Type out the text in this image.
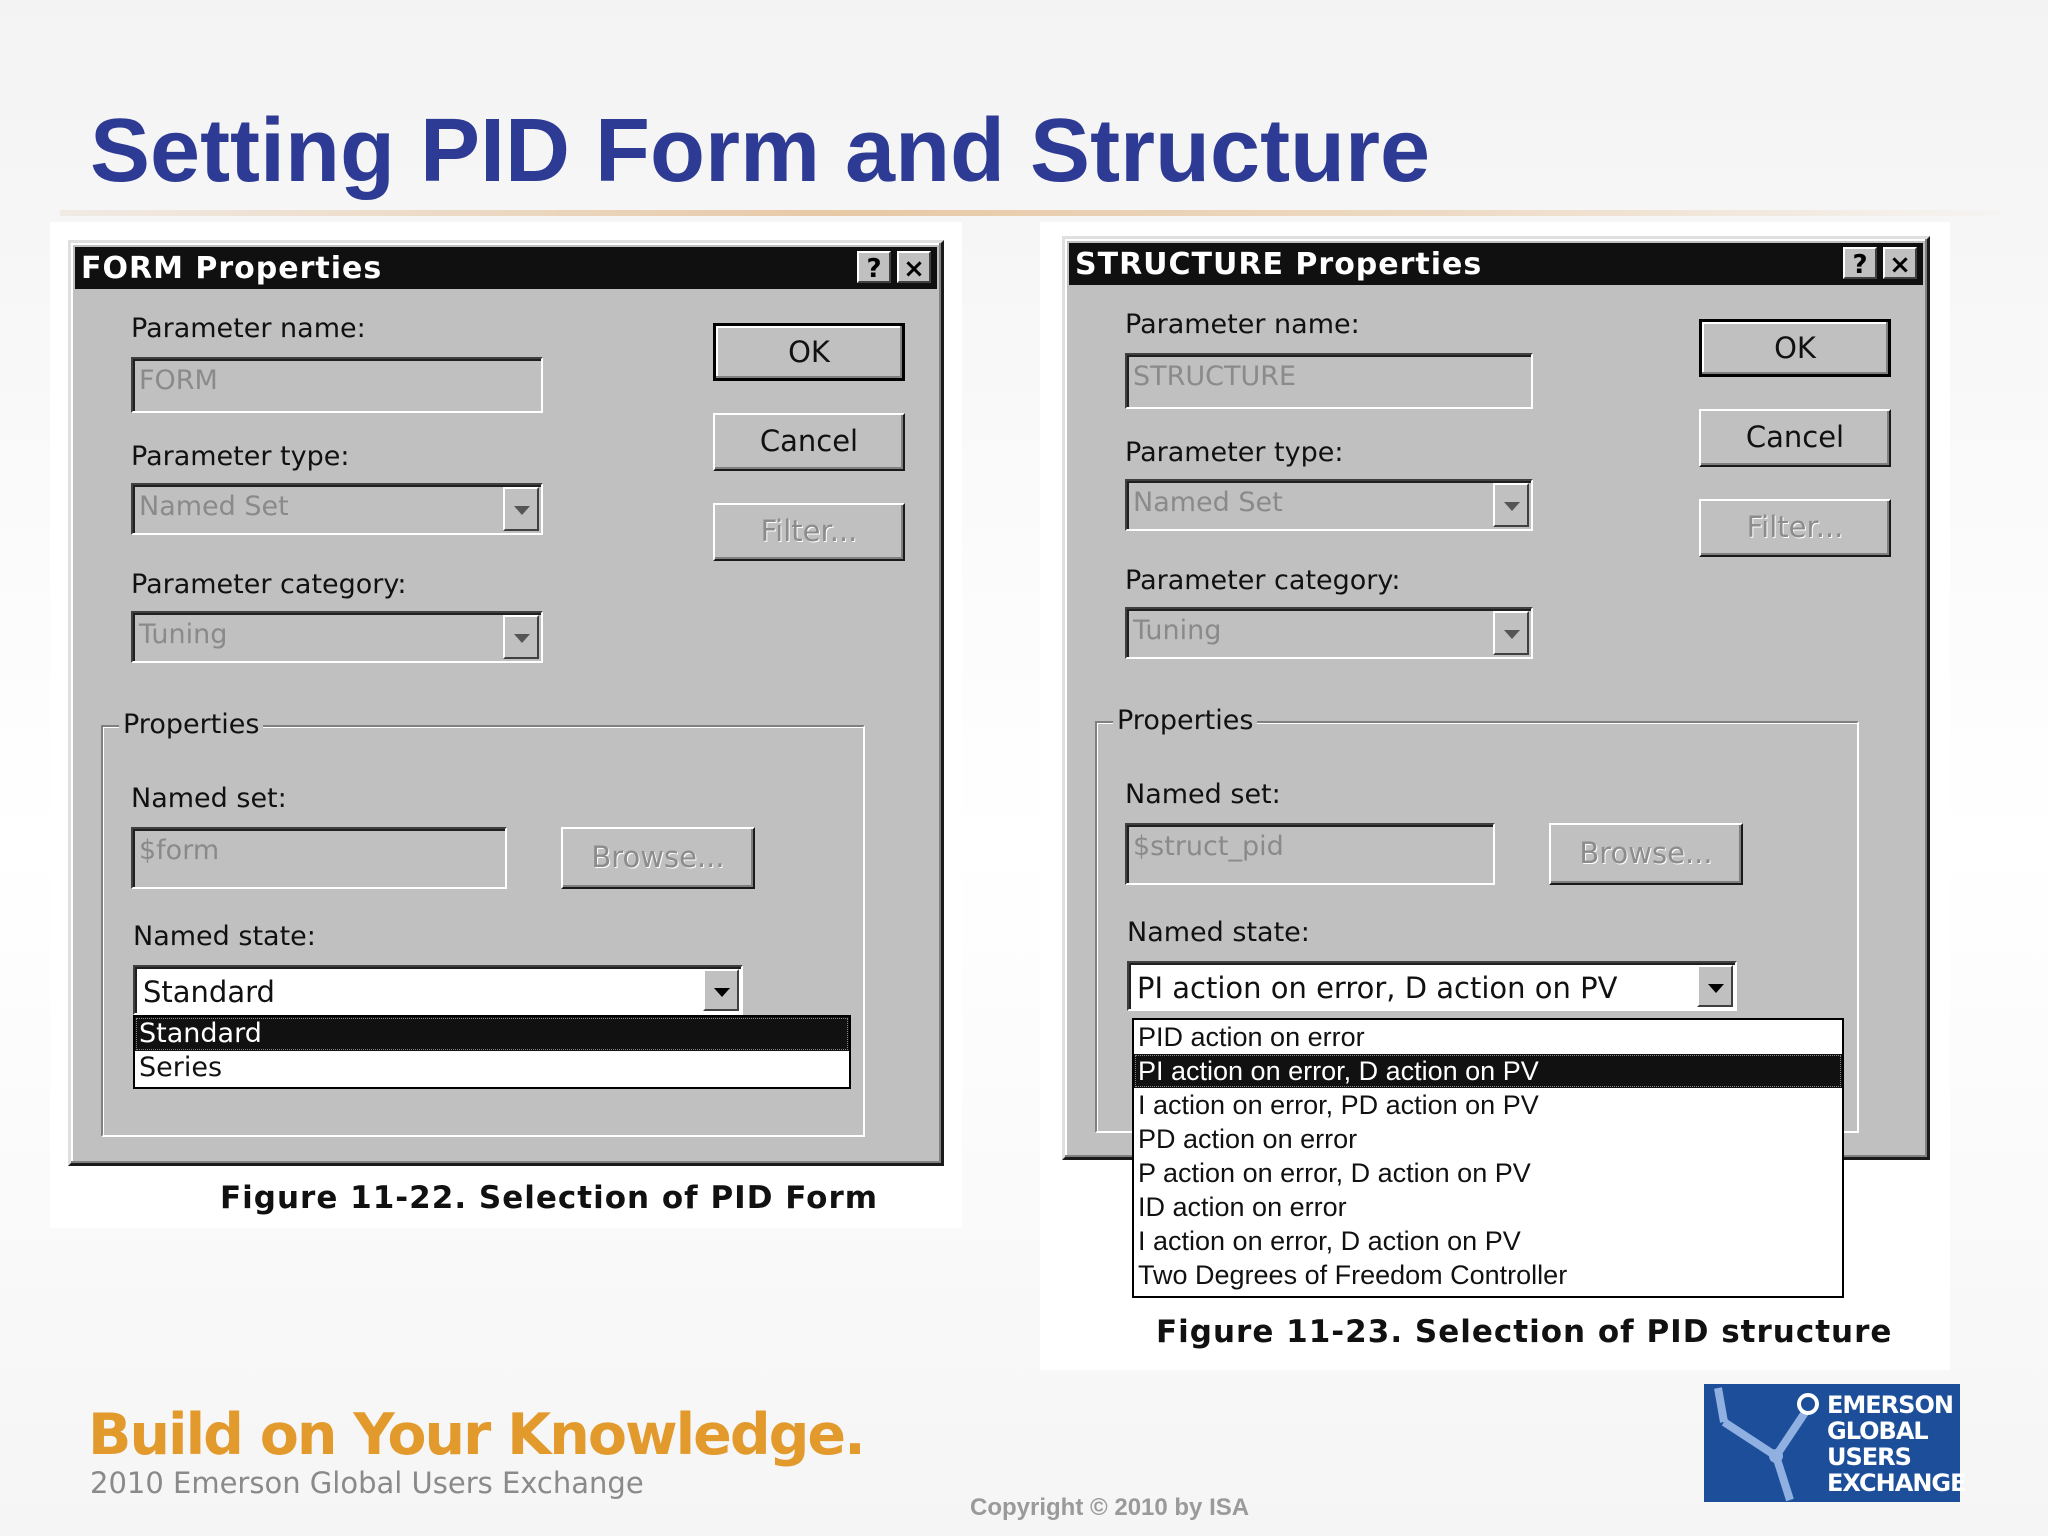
Setting PID Form and Structure
FORM Properties	? ×
Parameter name:
FORM
Parameter type:
Named Set
Parameter category:
Tuning
OK
Cancel
Filter...
Properties
Named set:
$form	Browse...
Named state:
Standard
Standard
Series
Figure 11-22. Selection of PID Form
STRUCTURE Properties	? ×
Parameter name:
STRUCTURE
Parameter type:
Named Set
Parameter category:
Tuning
OK
Cancel
Filter...
Properties
Named set:
$struct_pid	Browse...
Named state:
PI action on error, D action on PV
PID action on error
PI action on error, D action on PV
I action on error, PD action on PV
PD action on error
P action on error, D action on PV
ID action on error
I action on error, D action on PV
Two Degrees of Freedom Controller
Figure 11-23. Selection of PID structure
Build on Your Knowledge.
2010 Emerson Global Users Exchange
Copyright © 2010 by ISA
EMERSON
GLOBAL
USERS
EXCHANGE
